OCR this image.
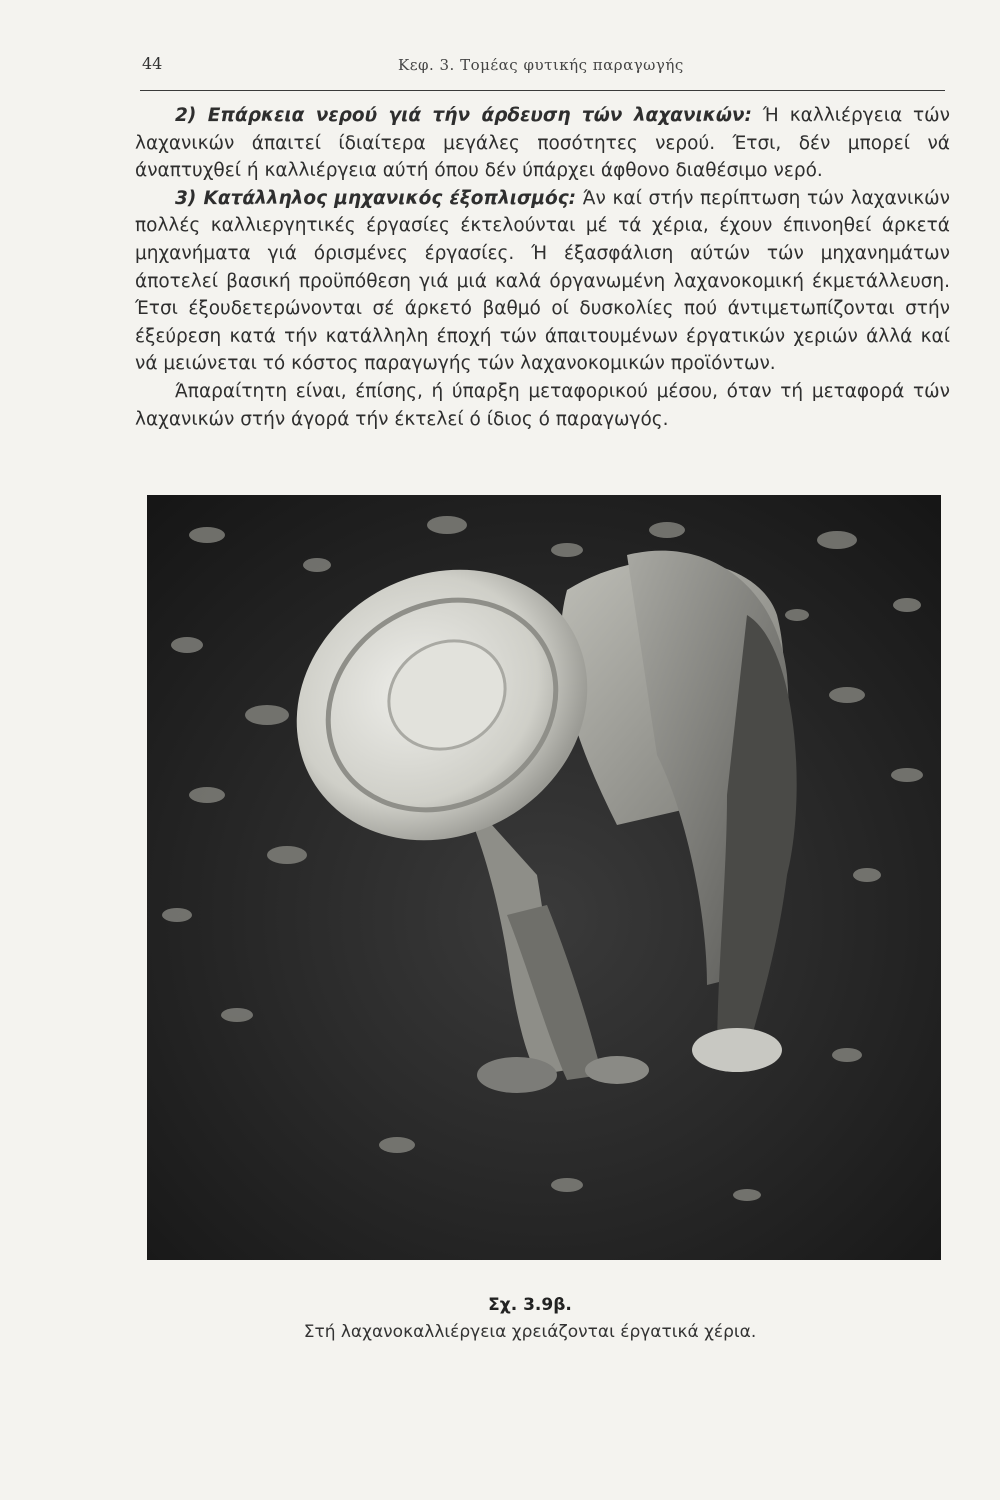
44	Κεφ. 3. Τομέας φυτικής παραγωγής

2) Επάρκεια νερού γιά τήν άρδευση τών λαχανικών: Ή καλλιέργεια τών λαχανικών άπαιτεί ίδιαίτερα μεγάλες ποσότητες νερού. Έτσι, δέν μπορεί νά άναπτυχθεί ή καλλιέργεια αύτή όπου δέν ύπάρχει άφθονο διαθέσιμο νερό.

3) Κατάλληλος μηχανικός έξοπλισμός: Άν καί στήν περίπτωση τών λαχανικών πολλές καλλιεργητικές έργασίες έκτελούνται μέ τά χέρια, έχουν έπινοηθεί άρκετά μηχανήματα γιά όρισμένες έργασίες. Ή έξασφάλιση αύτών τών μηχανημάτων άποτελεί βασική προϋπόθεση γιά μιά καλά όργανωμένη λαχανοκομική έκμετάλλευση. Έτσι έξουδετερώνονται σέ άρκετό βαθμό οί δυσκολίες πού άντιμετωπίζονται στήν έξεύρεση κατά τήν κατάλληλη έποχή τών άπαιτουμένων έργατικών χεριών άλλά καί νά μειώνεται τό κόστος παραγωγής τών λαχανοκομικών προϊόντων.

Άπαραίτητη είναι, έπίσης, ή ύπαρξη μεταφορικού μέσου, όταν τή μεταφορά τών λαχανικών στήν άγορά τήν έκτελεί ό ίδιος ό παραγωγός.

Σχ. 3.9β.
Στή λαχανοκαλλιέργεια χρειάζονται έργατικά χέρια.
